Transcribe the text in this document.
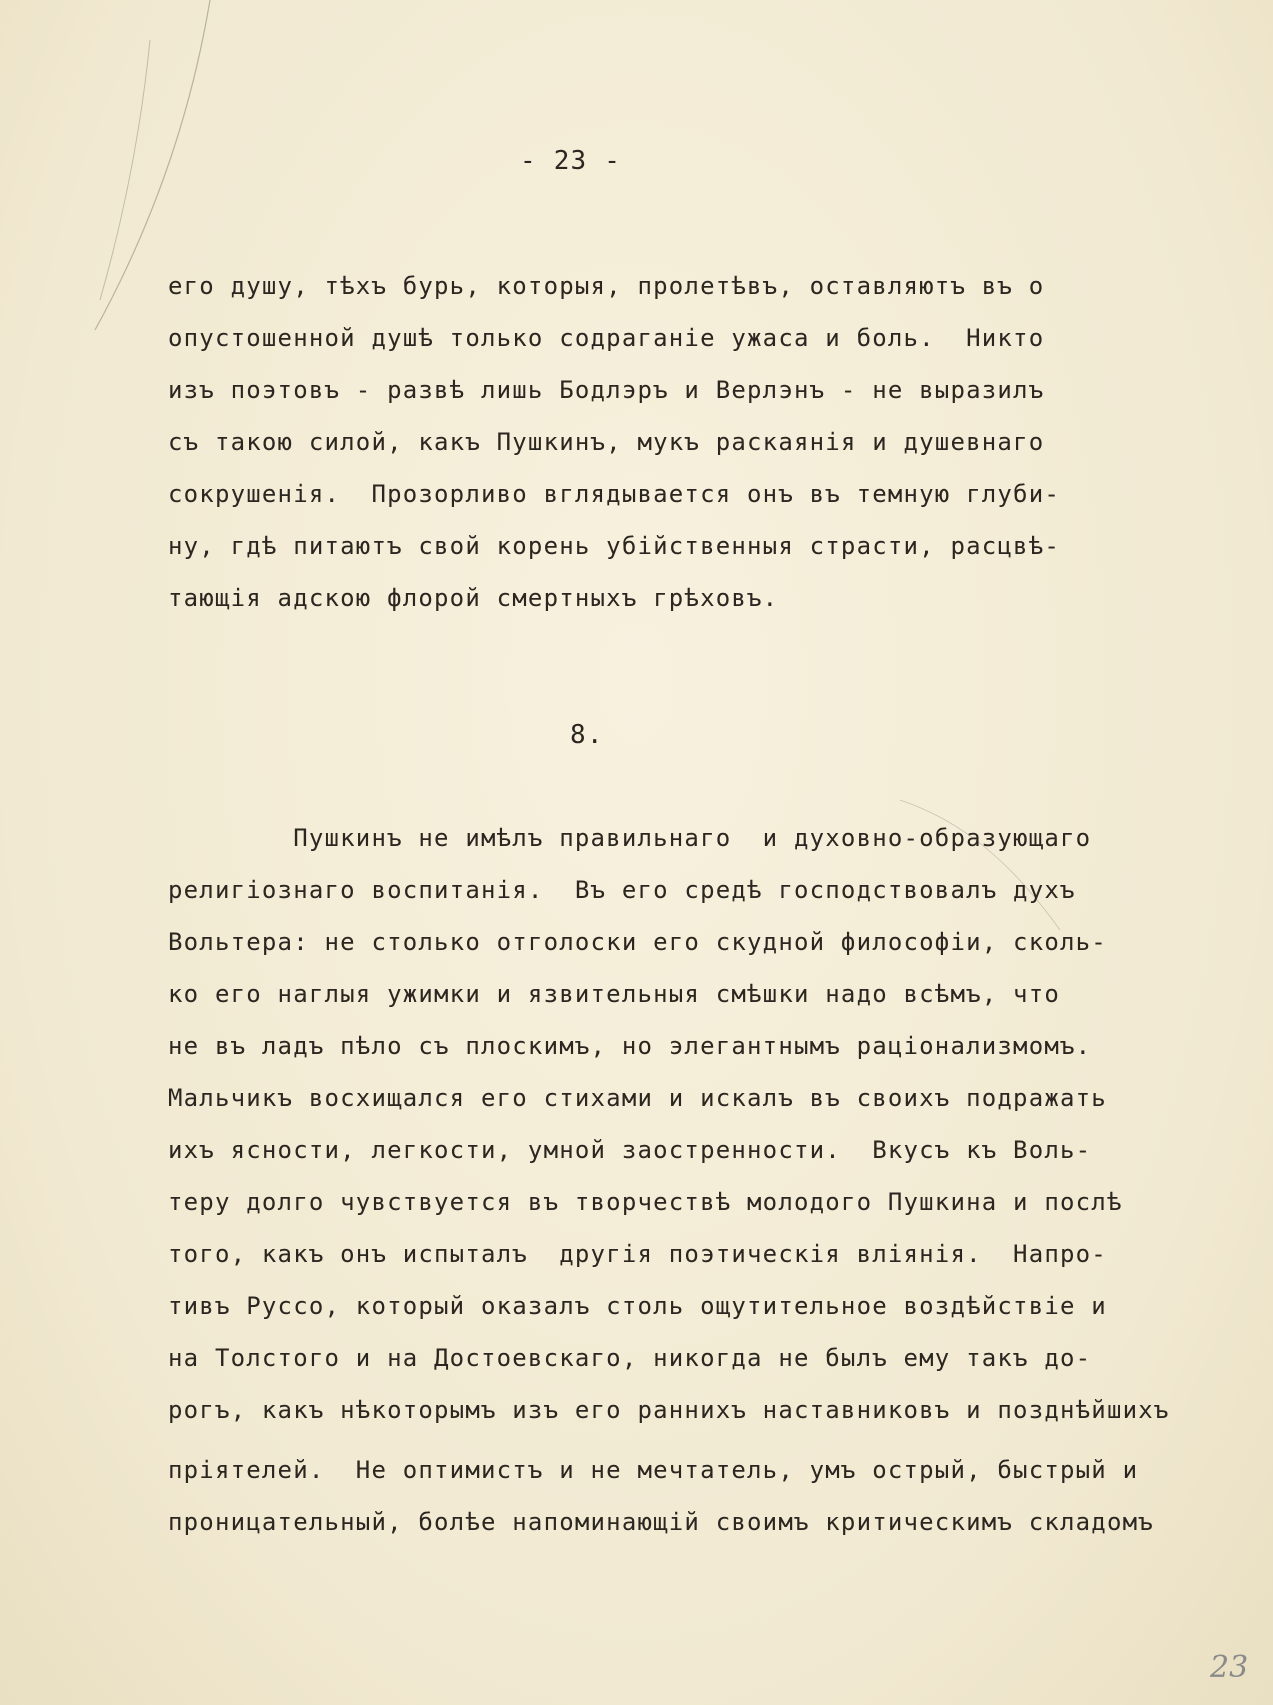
- 23 -
его душу, тѣхъ бурь, которыя, пролетѣвъ, оставляютъ въ о
опустошенной душѣ только содраганіе ужаса и боль.  Никто
изъ поэтовъ - развѣ лишь Бодлэръ и Верлэнъ - не выразилъ
съ такою силой, какъ Пушкинъ, мукъ раскаянія и душевнаго
сокрушенія.  Прозорливо вглядывается онъ въ темную глуби-
ну, гдѣ питаютъ свой корень убійственныя страсти, расцвѣ-
тающія адскою флорой смертныхъ грѣховъ.
8.
Пушкинъ не имѣлъ правильнаго  и духовно-образующаго
религіознаго воспитанія.  Въ его средѣ господствовалъ духъ
Вольтера: не столько отголоски его скудной философіи, сколь-
ко его наглыя ужимки и язвительныя смѣшки надо всѣмъ, что
не въ ладъ пѣло съ плоскимъ, но элегантнымъ раціонализмомъ.
Мальчикъ восхищался его стихами и искалъ въ своихъ подражать
ихъ ясности, легкости, умной заостренности.  Вкусъ къ Воль-
теру долго чувствуется въ творчествѣ молодого Пушкина и послѣ
того, какъ онъ испыталъ  другія поэтическія вліянія.  Напро-
тивъ Руссо, который оказалъ столь ощутительное воздѣйствіе и
на Толстого и на Достоевскаго, никогда не былъ ему такъ до-
рогъ, какъ нѣкоторымъ изъ его раннихъ наставниковъ и позднѣйшихъ
пріятелей.  Не оптимистъ и не мечтатель, умъ острый, быстрый и
проницательный, болѣе напоминающій своимъ критическимъ складомъ
23
